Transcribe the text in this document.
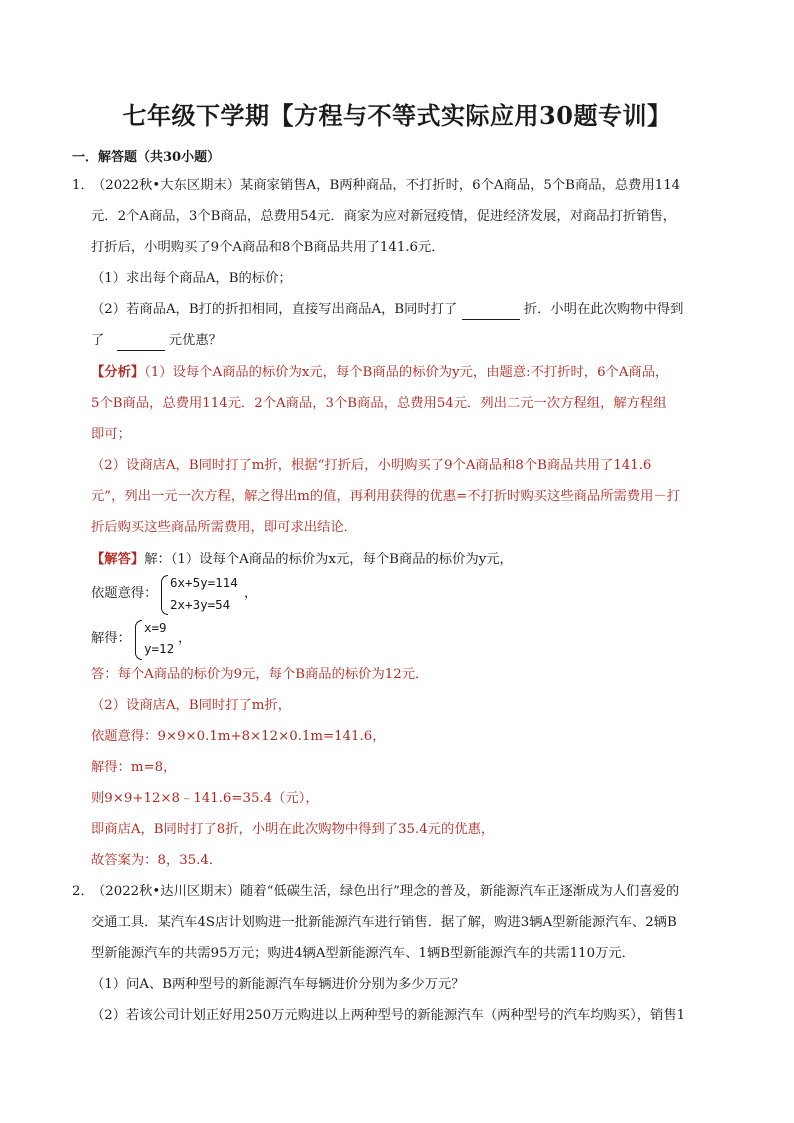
七年级下学期【方程与不等式实际应用30题专训】
一．解答题（共30小题）
1．
（2022秋•大东区期末）某商家销售A，B两种商品，不打折时，6个A商品，5个B商品，总费用114
元．2个A商品，3个B商品，总费用54元．商家为应对新冠疫情，促进经济发展，对商品打折销售，
打折后，小明购买了9个A商品和8个B商品共用了141.6元．
（1）求出每个商品A，B的标价；
（2）若商品A，B打的折扣相同，直接写出商品A，B同时打了	折．小明在此次购物中得到
了	元优惠？
【分析】（1）设每个A商品的标价为x元，每个B商品的标价为y元，由题意:不打折时，6个A商品，
5个B商品，总费用114元．2个A商品，3个B商品，总费用54元．列出二元一次方程组，解方程组
即可；
（2）设商店A，B同时打了m折，根据“打折后，小明购买了9个A商品和8个B商品共用了141.6
元”，列出一元一次方程，解之得出m的值，再利用获得的优惠=不打折时购买这些商品所需费用－打
折后购买这些商品所需费用，即可求出结论．
【解答】解：（1）设每个A商品的标价为x元，每个B商品的标价为y元，
依题意得：
6x+5y=114
2x+3y=54
，
解得：
x=9
y=12
，
答：每个A商品的标价为9元，每个B商品的标价为12元．
（2）设商店A，B同时打了m折，
依题意得：9×9×0.1m+8×12×0.1m=141.6，
解得：m=8，
则9×9+12×8﹣141.6=35.4（元），
即商店A，B同时打了8折，小明在此次购物中得到了35.4元的优惠，
故答案为：8，35.4．
2．
（2022秋•达川区期末）随着“低碳生活，绿色出行”理念的普及，新能源汽车正逐渐成为人们喜爱的
交通工具．某汽车4S店计划购进一批新能源汽车进行销售．据了解，购进3辆A型新能源汽车、2辆B
型新能源汽车的共需95万元；购进4辆A型新能源汽车、1辆B型新能源汽车的共需110万元．
（1）问A、B两种型号的新能源汽车每辆进价分别为多少万元？
（2）若该公司计划正好用250万元购进以上两种型号的新能源汽车（两种型号的汽车均购买），销售1
